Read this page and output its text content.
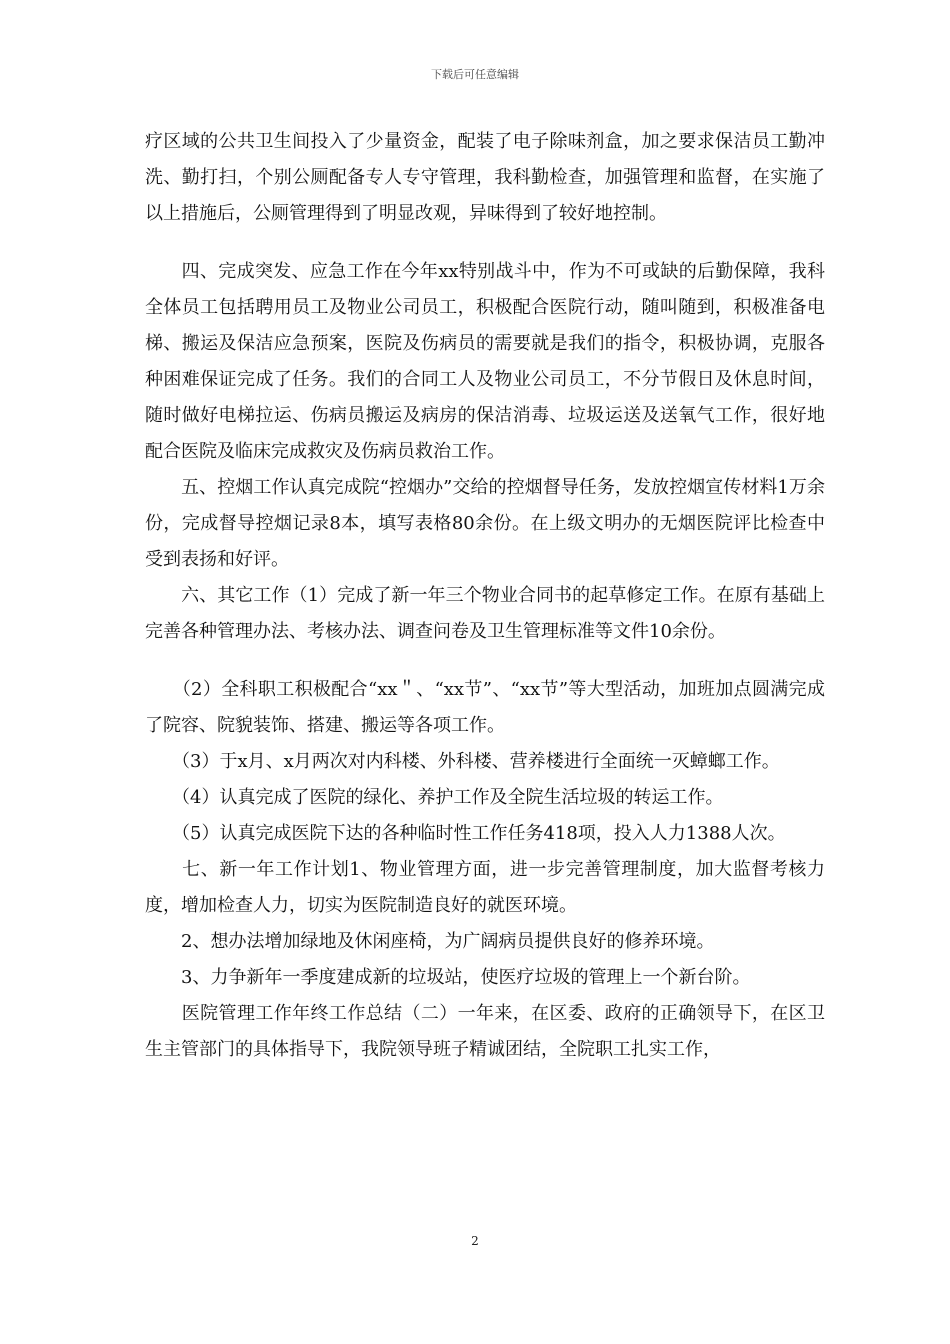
下载后可任意编辑

疗区域的公共卫生间投入了少量资金，配装了电子除味剂盒，加之要求保洁员工勤冲洗、勤打扫，个别公厕配备专人专守管理，我科勤检查，加强管理和监督，在实施了以上措施后，公厕管理得到了明显改观，异味得到了较好地控制。

　　四、完成突发、应急工作在今年xx特别战斗中，作为不可或缺的后勤保障，我科全体员工包括聘用员工及物业公司员工，积极配合医院行动，随叫随到，积极准备电梯、搬运及保洁应急预案，医院及伤病员的需要就是我们的指令，积极协调，克服各种困难保证完成了任务。我们的合同工人及物业公司员工，不分节假日及休息时间，随时做好电梯拉运、伤病员搬运及病房的保洁消毒、垃圾运送及送氧气工作，很好地配合医院及临床完成救灾及伤病员救治工作。

　　五、控烟工作认真完成院“控烟办”交给的控烟督导任务，发放控烟宣传材料1万余份，完成督导控烟记录8本，填写表格80余份。在上级文明办的无烟医院评比检查中受到表扬和好评。

　　六、其它工作（1）完成了新一年三个物业合同书的起草修定工作。在原有基础上完善各种管理办法、考核办法、调查问卷及卫生管理标准等文件10余份。

　　（2）全科职工积极配合“xx＂、“xx节”、“xx节”等大型活动，加班加点圆满完成了院容、院貌装饰、搭建、搬运等各项工作。

　　（3）于x月、x月两次对内科楼、外科楼、营养楼进行全面统一灭蟑螂工作。

　　（4）认真完成了医院的绿化、养护工作及全院生活垃圾的转运工作。

　　（5）认真完成医院下达的各种临时性工作任务418项，投入人力1388人次。

　　七、新一年工作计划1、物业管理方面，进一步完善管理制度，加大监督考核力度，增加检查人力，切实为医院制造良好的就医环境。

　　2、想办法增加绿地及休闲座椅，为广阔病员提供良好的修养环境。

　　3、力争新年一季度建成新的垃圾站，使医疗垃圾的管理上一个新台阶。

　　医院管理工作年终工作总结（二）一年来，在区委、政府的正确领导下，在区卫生主管部门的具体指导下，我院领导班子精诚团结，全院职工扎实工作，

2
